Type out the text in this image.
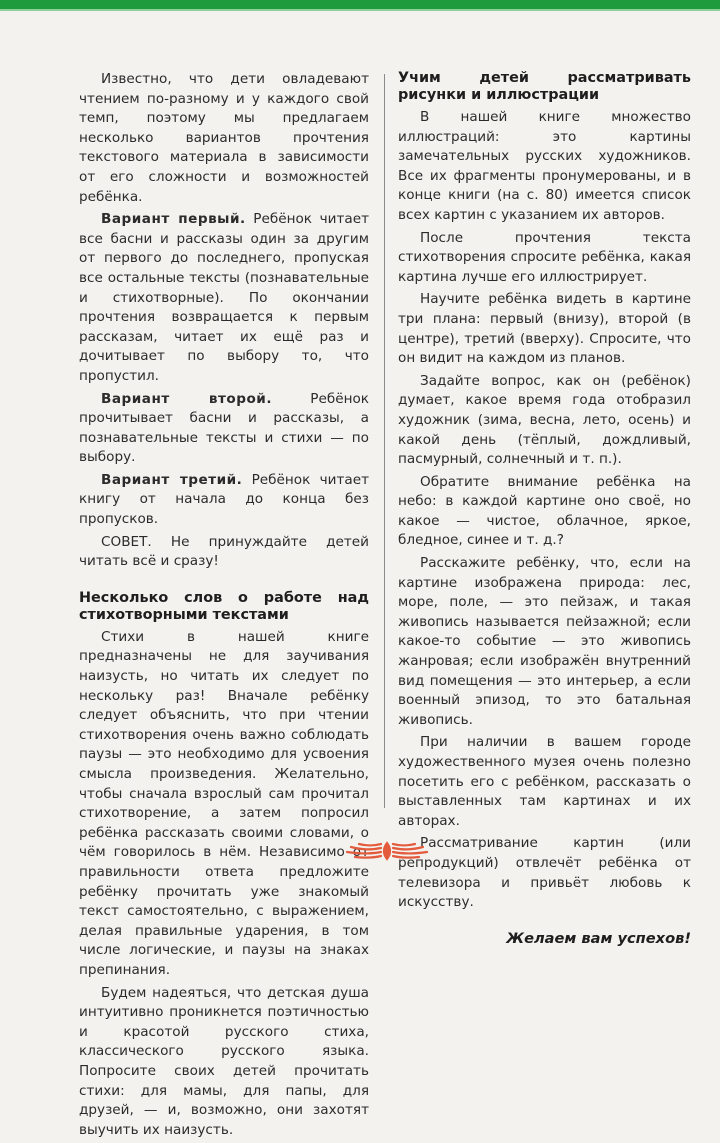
Известно, что дети овладевают чтением по-разному и у каждого свой темп, поэтому мы предлагаем несколько вариантов прочтения текстового материала в зависимости от его сложности и возможностей ребёнка.

Вариант первый. Ребёнок читает все басни и рассказы один за другим от первого до последнего, пропуская все остальные тексты (познавательные и стихотворные). По окончании прочтения возвращается к первым рассказам, читает их ещё раз и дочитывает по выбору то, что пропустил.

Вариант второй. Ребёнок прочитывает басни и рассказы, а познавательные тексты и стихи — по выбору.

Вариант третий. Ребёнок читает книгу от начала до конца без пропусков.

СОВЕТ. Не принуждайте детей читать всё и сразу!

Несколько слов о работе над стихотворными текстами

Стихи в нашей книге предназначены не для заучивания наизусть, но читать их следует по нескольку раз! Вначале ребёнку следует объяснить, что при чтении стихотворения очень важно соблюдать паузы — это необходимо для усвоения смысла произведения. Желательно, чтобы сначала взрослый сам прочитал стихотворение, а затем попросил ребёнка рассказать своими словами, о чём говорилось в нём. Независимо от правильности ответа предложите ребёнку прочитать уже знакомый текст самостоятельно, с выражением, делая правильные ударения, в том числе логические, и паузы на знаках препинания.

Будем надеяться, что детская душа интуитивно проникнется поэтичностью и красотой русского стиха, классического русского языка. Попросите своих детей прочитать стихи: для мамы, для папы, для друзей, — и, возможно, они захотят выучить их наизусть.

Учим детей рассматривать рисунки и иллюстрации

В нашей книге множество иллюстраций: это картины замечательных русских художников. Все их фрагменты пронумерованы, и в конце книги (на с. 80) имеется список всех картин с указанием их авторов.

После прочтения текста стихотворения спросите ребёнка, какая картина лучше его иллюстрирует.

Научите ребёнка видеть в картине три плана: первый (внизу), второй (в центре), третий (вверху). Спросите, что он видит на каждом из планов.

Задайте вопрос, как он (ребёнок) думает, какое время года отобразил художник (зима, весна, лето, осень) и какой день (тёплый, дождливый, пасмурный, солнечный и т. п.).

Обратите внимание ребёнка на небо: в каждой картине оно своё, но какое — чистое, облачное, яркое, бледное, синее и т. д.?

Расскажите ребёнку, что, если на картине изображена природа: лес, море, поле, — это пейзаж, и такая живопись называется пейзажной; если какое-то событие — это живопись жанровая; если изображён внутренний вид помещения — это интерьер, а если военный эпизод, то это батальная живопись.

При наличии в вашем городе художественного музея очень полезно посетить его с ребёнком, рассказать о выставленных там картинах и их авторах.

Рассматривание картин (или репродукций) отвлечёт ребёнка от телевизора и привьёт любовь к искусству.

Желаем вам успехов!
